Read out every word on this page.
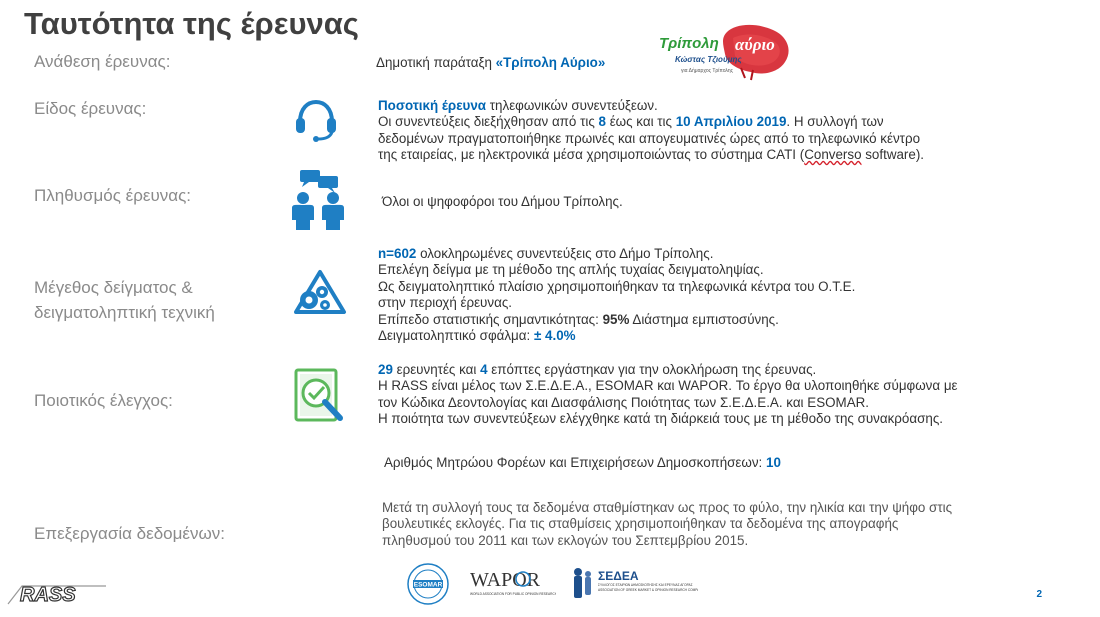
Ταυτότητα της έρευνας
Ανάθεση έρευνας:
Είδος έρευνας:
Πληθυσμός έρευνας:
Μέγεθος δείγματος &
δειγματοληπτική τεχνική
Ποιοτικός έλεγχος:
Επεξεργασία δεδομένων:
Δημοτική παράταξη «Τρίπολη Αύριο»
Τρίπολη αύριο
Κώστας Τζιούμης
για Δήμαρχος Τρίπολης
Ποσοτική έρευνα τηλεφωνικών συνεντεύξεων.
Οι συνεντεύξεις διεξήχθησαν από τις 8 έως και τις 10 Απριλίου 2019. Η συλλογή των
δεδομένων πραγματοποιήθηκε πρωινές και απογευματινές ώρες από το τηλεφωνικό κέντρο
της εταιρείας, με ηλεκτρονικά μέσα χρησιμοποιώντας το σύστημα CATI (Converso software).
Όλοι οι ψηφοφόροι του Δήμου Τρίπολης.
n=602 ολοκληρωμένες συνεντεύξεις στο Δήμο Τρίπολης.
Επελέγη δείγμα με τη μέθοδο της απλής τυχαίας δειγματοληψίας.
Ως δειγματοληπτικό πλαίσιο χρησιμοποιήθηκαν τα τηλεφωνικά κέντρα του Ο.Τ.Ε.
στην περιοχή έρευνας.
Επίπεδο στατιστικής σημαντικότητας: 95% Διάστημα εμπιστοσύνης.
Δειγματοληπτικό σφάλμα: ± 4.0%
29 ερευνητές και 4 επόπτες εργάστηκαν για την ολοκλήρωση της έρευνας.
Η RASS είναι μέλος των Σ.Ε.Δ.Ε.Α., ESOMAR και WAPOR. Το έργο θα υλοποιηθήκε σύμφωνα με
τον Κώδικα Δεοντολογίας και Διασφάλισης Ποιότητας των Σ.Ε.Δ.Ε.Α. και ESOMAR.
Η ποιότητα των συνεντεύξεων ελέγχθηκε κατά τη διάρκειά τους με τη μέθοδο της συνακρόασης.
Αριθμός Μητρώου Φορέων και Επιχειρήσεων Δημοσκοπήσεων: 10
Μετά τη συλλογή τους τα δεδομένα σταθμίστηκαν ως προς το φύλο, την ηλικία και την ψήφο στις
βουλευτικές εκλογές. Για τις σταθμίσεις χρησιμοποιήθηκαν τα δεδομένα της απογραφής
πληθυσμού του 2011 και των εκλογών του Σεπτεμβρίου 2015.
RASS	ESOMAR WAPOR
WORLD ASSOCIATION FOR PUBLIC OPINION RESEARCH
ΣΕΔΕΑ
ΣΥΛΛΟΓΟΣ ΕΤΑΙΡΙΩΝ ΔΗΜΟΣΚΟΠΗΣΗΣ ΚΑΙ ΕΡΕΥΝΑΣ ΑΓΟΡΑΣ
ASSOCIATION OF GREEK MARKET & OPINION RESEARCH COMPANIES	2
